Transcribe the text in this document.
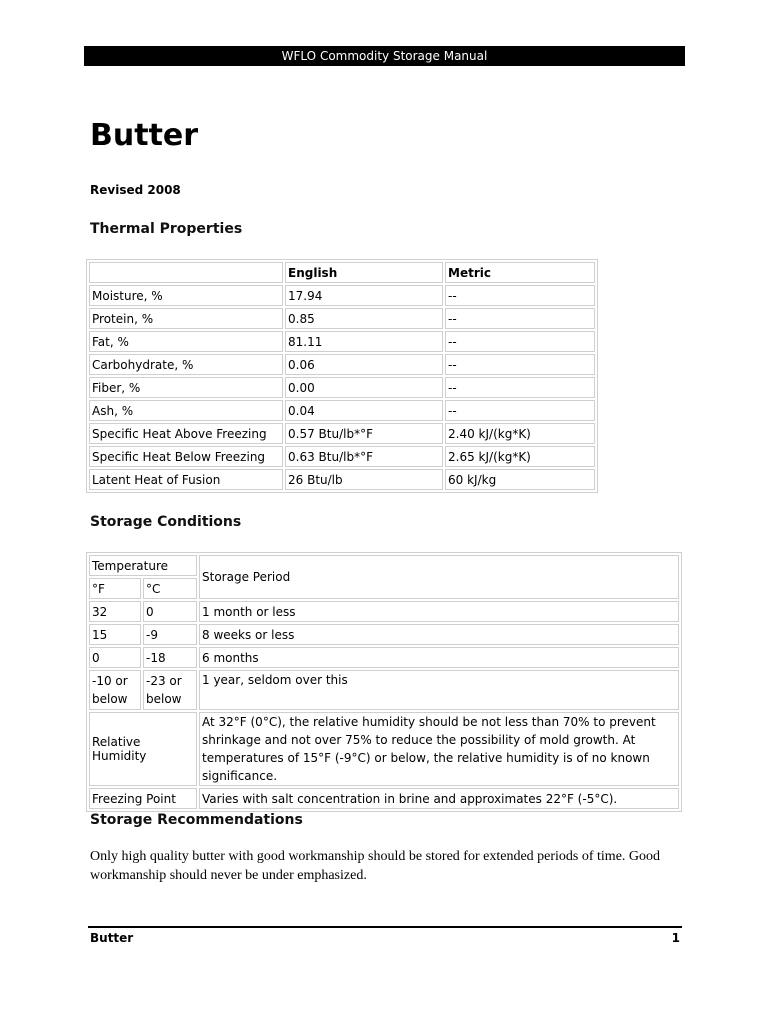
WFLO Commodity Storage Manual
Butter
Revised 2008
Thermal Properties
	English	Metric
Moisture, %	17.94	--
Protein, %	0.85	--
Fat, %	81.11	--
Carbohydrate, %	0.06	--
Fiber, %	0.00	--
Ash, %	0.04	--
Specific Heat Above Freezing	0.57 Btu/lb*°F	2.40 kJ/(kg*K)
Specific Heat Below Freezing	0.63 Btu/lb*°F	2.65 kJ/(kg*K)
Latent Heat of Fusion	26 Btu/lb	60 kJ/kg
Storage Conditions
Temperature		Storage Period
°F	°C	
32	0	1 month or less
15	-9	8 weeks or less
0	-18	6 months
-10 or below	-23 or below	1 year, seldom over this
Relative Humidity		At 32°F (0°C), the relative humidity should be not less than 70% to prevent shrinkage and not over 75% to reduce the possibility of mold growth. At temperatures of 15°F (-9°C) or below, the relative humidity is of no known significance.
Freezing Point		Varies with salt concentration in brine and approximates 22°F (-5°C).
Storage Recommendations
Only high quality butter with good workmanship should be stored for extended periods of time. Good workmanship should never be under emphasized.
Butter	1
